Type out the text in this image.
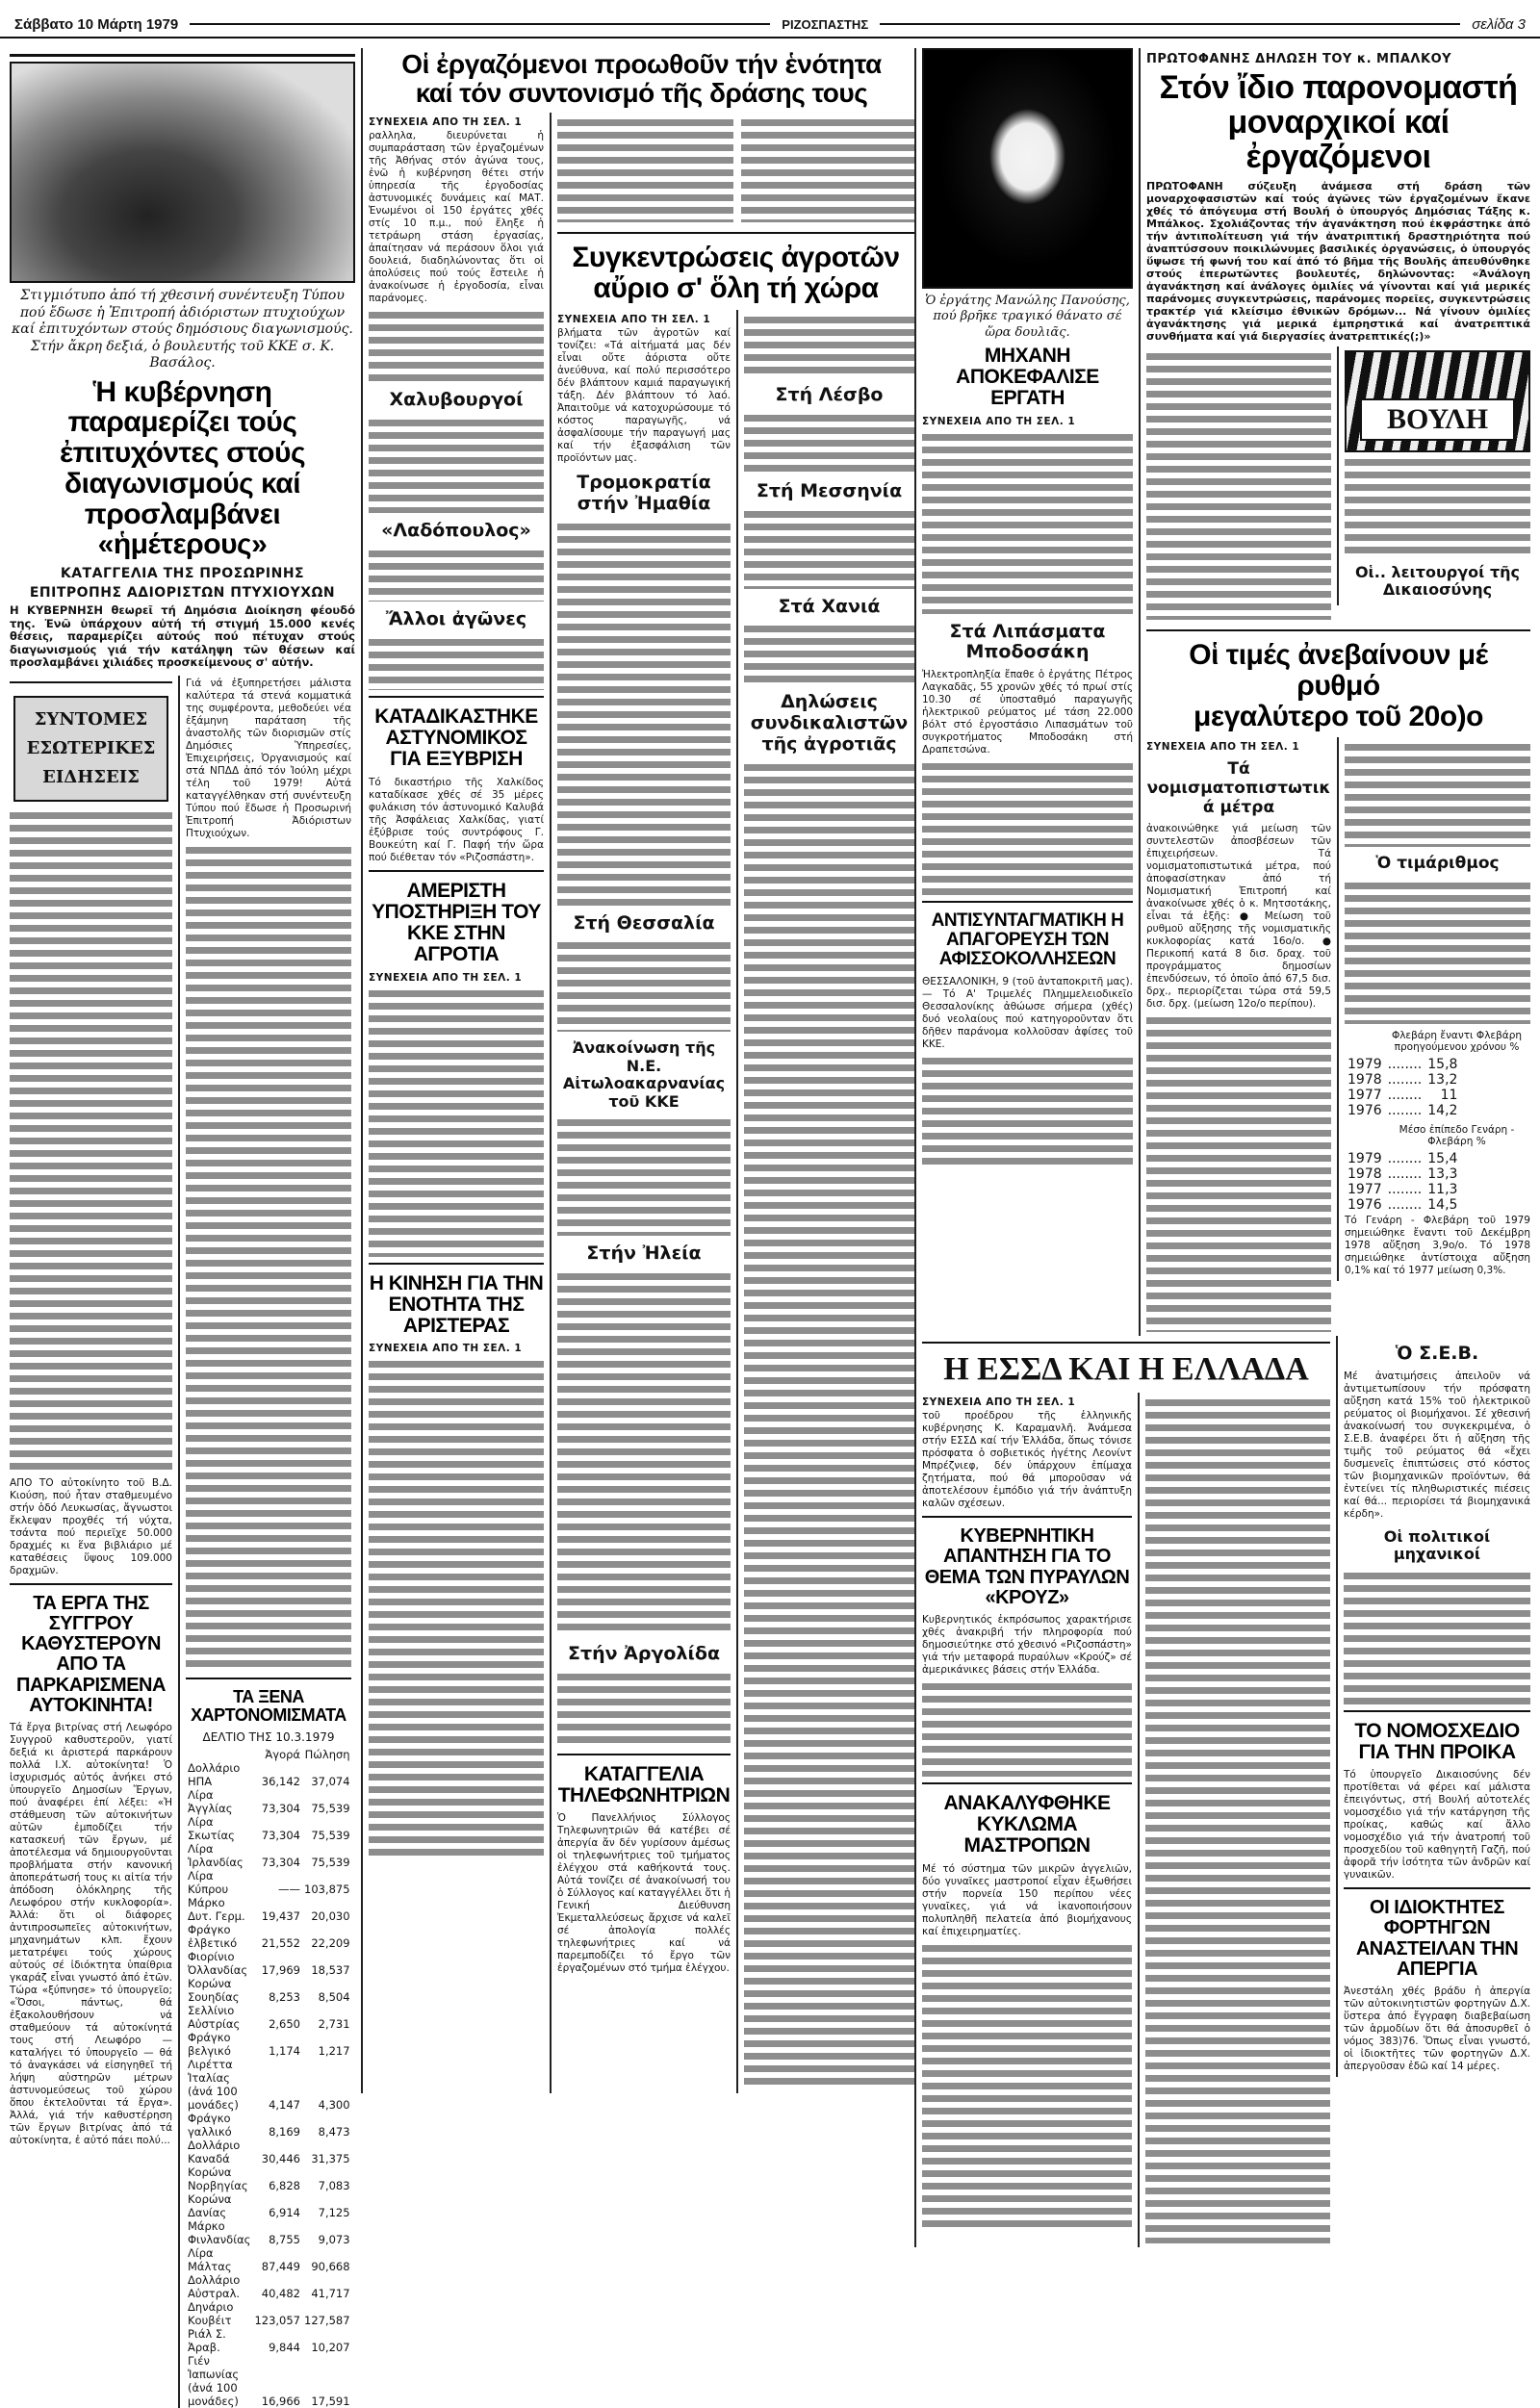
Σάββατο 10 Μάρτη 1979	ΡΙΖΟΣΠΑΣΤΗΣ	σελίδα 3
Στιγμιότυπο ἀπό τή χθεσινή συνέντευξη Τύπου πού ἔδωσε ἡ Ἐπιτροπή ἀδιόριστων πτυχιούχων καί ἐπιτυχόντων στούς δημόσιους διαγωνισμούς. Στήν ἄκρη δεξιά, ὁ βουλευτής τοῦ ΚΚΕ σ. Κ. Βασάλος.
Ἡ κυβέρνηση παραμερίζει τούς ἐπιτυχόντες στούς διαγωνισμούς καί προσλαμβάνει «ἡμέτερους»
ΚΑΤΑΓΓΕΛΙΑ ΤΗΣ ΠΡΟΣΩΡΙΝΗΣ
ΕΠΙΤΡΟΠΗΣ ΑΔΙΟΡΙΣΤΩΝ ΠΤΥΧΙΟΥΧΩΝ
Η ΚΥΒΕΡΝΗΣΗ θεωρεῖ τή Δημόσια Διοίκηση φέουδό της. Ἐνῶ ὑπάρχουν αὐτή τή στιγμή 15.000 κενές θέσεις, παραμερίζει αὐτούς πού πέτυχαν στούς διαγωνισμούς γιά τήν κατάληψη τῶν θέσεων καί προσλαμβάνει χιλιάδες προσκείμενους σ' αὐτήν.
ΣΥΝΤΟΜΕΣ
ΕΣΩΤΕΡΙΚΕΣ
ΕΙΔΗΣΕΙΣ
ΑΠΟ ΤΟ αὐτοκίνητο τοῦ Β.Δ. Κιούση, πού ἦταν σταθμευμένο στήν ὁδό Λευκωσίας, ἄγνωστοι ἔκλεψαν προχθές τή νύχτα, τσάντα πού περιεῖχε 50.000 δραχμές κι ἕνα βιβλιάριο μέ καταθέσεις ὕψους 109.000 δραχμῶν.
ΤΑ ΕΡΓΑ ΤΗΣ ΣΥΓΓΡΟΥ ΚΑΘΥΣΤΕΡΟΥΝ ΑΠΟ ΤΑ ΠΑΡΚΑΡΙΣΜΕΝΑ ΑΥΤΟΚΙΝΗΤΑ!
Τά ἔργα βιτρίνας στή Λεωφόρο Συγγροῦ καθυστεροῦν, γιατί δεξιά κι ἀριστερά παρκάρουν πολλά Ι.Χ. αὐτοκίνητα! Ὁ ἰσχυρισμός αὐτός ἀνήκει στό ὑπουργεῖο Δημοσίων Ἔργων, πού ἀναφέρει ἐπί λέξει: «Ἡ στάθμευση τῶν αὐτοκινήτων αὐτῶν ἐμποδίζει τήν κατασκευή τῶν ἔργων, μέ ἀποτέλεσμα νά δημιουργοῦνται προβλήματα στήν κανονική ἀποπεράτωσή τους κι αἰτία τήν ἀπόδοση ὁλόκληρης τῆς Λεωφόρου στήν κυκλοφορία». Ἀλλά: ὅτι οἱ διάφορες ἀντιπροσωπεῖες αὐτοκινήτων, μηχανημάτων κλπ. ἔχουν μετατρέψει τούς χώρους αὐτούς σέ ἰδιόκτητα ὑπαίθρια γκαράζ εἶναι γνωστό ἀπό ἐτῶν. Τώρα «ξύπνησε» τό ὑπουργεῖο; «Ὅσοι, πάντως, θά ἐξακολουθήσουν νά σταθμεύουν τά αὐτοκίνητά τους στή Λεωφόρο — καταλήγει τό ὑπουργεῖο — θά τό ἀναγκάσει νά εἰσηγηθεῖ τή λήψη αὐστηρῶν μέτρων ἀστυνομεύσεως τοῦ χώρου ὅπου ἐκτελοῦνται τά ἔργα». Ἀλλά, γιά τήν καθυστέρηση τῶν ἔργων βιτρίνας ἀπό τά αὐτοκίνητα, ἐ αὐτό πάει πολύ...
Γιά νά ἐξυπηρετήσει μάλιστα καλύτερα τά στενά κομματικά της συμφέροντα, μεθοδεύει νέα ἐξάμηνη παράταση τῆς ἀναστολῆς τῶν διορισμῶν στίς Δημόσιες Ὑπηρεσίες, Ἐπιχειρήσεις, Ὀργανισμούς καί στά ΝΠΔΔ ἀπό τόν Ἰούλη μέχρι τέλη τοῦ 1979! Αὐτά καταγγέλθηκαν στή συνέντευξη Τύπου πού ἔδωσε ἡ Προσωρινή Ἐπιτροπή Ἀδιόριστων Πτυχιούχων.
ΤΑ ΞΕΝΑ ΧΑΡΤΟΝΟΜΙΣΜΑΤΑ
ΔΕΛΤΙΟ ΤΗΣ 10.3.1979
	Ἀγορά	Πώληση
Δολλάριο ΗΠΑ	36,142	37,074
Λίρα Ἀγγλίας	73,304	75,539
Λίρα Σκωτίας	73,304	75,539
Λίρα Ἰρλανδίας	73,304	75,539
Λίρα Κύπρου	——	103,875
Μάρκο Δυτ. Γερμ.	19,437	20,030
Φράγκο ἐλβετικό	21,552	22,209
Φιορίνιο Ὀλλανδίας	17,969	18,537
Κορώνα Σουηδίας	8,253	8,504
Σελλίνιο Αὐστρίας	2,650	2,731
Φράγκο βελγικό	1,174	1,217
Λιρέττα Ἰταλίας (ἀνά 100 μονάδες)	4,147	4,300
Φράγκο γαλλικό	8,169	8,473
Δολλάριο Καναδά	30,446	31,375
Κορώνα Νορβηγίας	6,828	7,083
Κορώνα Δανίας	6,914	7,125
Μάρκο Φινλανδίας	8,755	9,073
Λίρα Μάλτας	87,449	90,668
Δολλάριο Αὐστραλ.	40,482	41,717
Δηνάριο Κουβέιτ	123,057	127,587
Ριάλ Σ. Ἀραβ.	9,844	10,207
Γιέν Ἰαπωνίας (ἀνά 100 μονάδες)	16,966	17,591
Οἱ ἐργαζόμενοι προωθοῦν τήν ἑνότητα
καί τόν συντονισμό τῆς δράσης τους
ΣΥΝΕΧΕΙΑ ΑΠΟ ΤΗ ΣΕΛ. 1
ραλληλα, διευρύνεται ἡ συμπαράσταση τῶν ἐργαζομένων τῆς Ἀθήνας στόν ἀγώνα τους, ἐνῶ ἡ κυβέρνηση θέτει στήν ὑπηρεσία τῆς ἐργοδοσίας ἀστυνομικές δυνάμεις καί ΜΑΤ. Ἑνωμένοι οἱ 150 ἐργάτες χθές στίς 10 π.μ., πού ἔληξε ἡ τετράωρη στάση ἐργασίας, ἀπαίτησαν νά περάσουν ὅλοι γιά δουλειά, διαδηλώνοντας ὅτι οἱ ἀπολύσεις πού τούς ἔστειλε ἡ ἀνακοίνωσε ἡ ἐργοδοσία, εἶναι παράνομες.
Χαλυβουργοί
«Λαδόπουλος»
Ἄλλοι ἀγῶνες
ΚΑΤΑΔΙΚΑΣΤΗΚΕ ΑΣΤΥΝΟΜΙΚΟΣ ΓΙΑ ΕΞΥΒΡΙΣΗ
Τό δικαστήριο τῆς Χαλκίδος καταδίκασε χθές σέ 35 μέρες φυλάκιση τόν ἀστυνομικό Καλυβά τῆς Ἀσφάλειας Χαλκίδας, γιατί ἐξύβρισε τούς συντρόφους Γ. Βουκεύτη καί Γ. Παφή τήν ὥρα πού διέθεταν τόν «Ριζοσπάστη».
ΑΜΕΡΙΣΤΗ ΥΠΟΣΤΗΡΙΞΗ ΤΟΥ ΚΚΕ ΣΤΗΝ ΑΓΡΟΤΙΑ
ΣΥΝΕΧΕΙΑ ΑΠΟ ΤΗ ΣΕΛ. 1
Η ΚΙΝΗΣΗ ΓΙΑ ΤΗΝ ΕΝΟΤΗΤΑ ΤΗΣ ΑΡΙΣΤΕΡΑΣ
ΣΥΝΕΧΕΙΑ ΑΠΟ ΤΗ ΣΕΛ. 1
Συγκεντρώσεις ἀγροτῶν
αὔριο σ' ὅλη τή χώρα
ΣΥΝΕΧΕΙΑ ΑΠΟ ΤΗ ΣΕΛ. 1
βλήματα τῶν ἀγροτῶν καί τονίζει: «Τά αἰτήματά μας δέν εἶναι οὔτε ἀόριστα οὔτε ἀνεύθυνα, καί πολύ περισσότερο δέν βλάπτουν καμιά παραγωγική τάξη. Δέν βλάπτουν τό λαό. Ἀπαιτοῦμε νά κατοχυρώσουμε τό κόστος παραγωγῆς, νά ἀσφαλίσουμε τήν παραγωγή μας καί τήν ἐξασφάλιση τῶν προϊόντων μας.
Τρομοκρατία στήν Ἠμαθία
Στή Θεσσαλία
Ἀνακοίνωση τῆς Ν.Ε. Αἰτωλοακαρνανίας τοῦ ΚΚΕ
Στήν Ἠλεία
Στήν Ἀργολίδα
ΚΑΤΑΓΓΕΛΙΑ ΤΗΛΕΦΩΝΗΤΡΙΩΝ
Ὁ Πανελλήνιος Σύλλογος Τηλεφωνητριῶν θά κατέβει σέ ἀπεργία ἄν δέν γυρίσουν ἀμέσως οἱ τηλεφωνήτριες τοῦ τμήματος ἐλέγχου στά καθήκοντά τους. Αὐτά τονίζει σέ ἀνακοίνωσή του ὁ Σύλλογος καί καταγγέλλει ὅτι ἡ Γενική Διεύθυνση Ἐκμεταλλεύσεως ἄρχισε νά καλεῖ σέ ἀπολογία πολλές τηλεφωνήτριες καί νά παρεμποδίζει τό ἔργο τῶν ἐργαζομένων στό τμήμα ἐλέγχου.
Στή Λέσβο
Στή Μεσσηνία
Στά Χανιά
Δηλώσεις συνδικαλιστῶν τῆς ἀγροτιᾶς
Ὁ ἐργάτης Μανώλης Πανούσης, πού βρῆκε τραγικό θάνατο σέ ὥρα δουλιᾶς.
ΜΗΧΑΝΗ ΑΠΟΚΕΦΑΛΙΣΕ ΕΡΓΑΤΗ
ΣΥΝΕΧΕΙΑ ΑΠΟ ΤΗ ΣΕΛ. 1
Στά Λιπάσματα Μποδοσάκη
Ἠλεκτροπληξία ἔπαθε ὁ ἐργάτης Πέτρος Λαγκαδᾶς, 55 χρονῶν χθές τό πρωί στίς 10.30 σέ ὑποσταθμό παραγωγῆς ἠλεκτρικοῦ ρεύματος μέ τάση 22.000 βόλτ στό ἐργοστάσιο Λιπασμάτων τοῦ συγκροτήματος Μποδοσάκη στή Δραπετσώνα.
ΑΝΤΙΣΥΝΤΑΓΜΑΤΙΚΗ Η ΑΠΑΓΟΡΕΥΣΗ ΤΩΝ ΑΦΙΣΣΟΚΟΛΛΗΣΕΩΝ
ΘΕΣΣΑΛΟΝΙΚΗ, 9 (τοῦ ἀνταποκριτῆ μας). — Τό Α' Τριμελές Πλημμελειοδικεῖο Θεσσαλονίκης ἀθώωσε σήμερα (χθές) δυό νεολαίους πού κατηγοροῦνταν ὅτι δῆθεν παράνομα κολλοῦσαν ἀφίσες τοῦ ΚΚΕ.
ΠΡΩΤΟΦΑΝΗΣ ΔΗΛΩΣΗ ΤΟΥ κ. ΜΠΑΛΚΟΥ
Στόν ἴδιο παρονομαστή
μοναρχικοί καί ἐργαζόμενοι
ΠΡΩΤΟΦΑΝΗ σύζευξη ἀνάμεσα στή δράση τῶν μοναρχοφασιστῶν καί τούς ἀγῶνες τῶν ἐργαζομένων ἔκανε χθές τό ἀπόγευμα στή Βουλή ὁ ὑπουργός Δημόσιας Τάξης κ. Μπάλκος. Σχολιάζοντας τήν ἀγανάκτηση πού ἐκφράστηκε ἀπό τήν ἀντιπολίτευση γιά τήν ἀνατριπτική δραστηριότητα πού ἀναπτύσσουν ποικιλώνυμες βασιλικές ὀργανώσεις, ὁ ὑπουργός ὕψωσε τή φωνή του καί ἀπό τό βῆμα τῆς Βουλῆς ἀπευθύνθηκε στούς ἐπερωτῶντες βουλευτές, δηλώνοντας: «Ἀνάλογη ἀγανάκτηση καί ἀνάλογες ὁμιλίες νά γίνονται καί γιά μερικές παράνομες συγκεντρώσεις, παράνομες πορεῖες, συγκεντρώσεις τρακτέρ γιά κλείσιμο ἐθνικῶν δρόμων... Νά γίνουν ὁμιλίες ἀγανάκτησης γιά μερικά ἐμπρηστικά καί ἀνατρεπτικά συνθήματα καί γιά διεργασίες ἀνατρεπτικές(;)»
ΒΟΥΛΗ
Οἱ.. λειτουργοί τῆς Δικαιοσύνης
Οἱ τιμές ἀνεβαίνουν μέ ρυθμό
μεγαλύτερο τοῦ 20ο)ο
ΣΥΝΕΧΕΙΑ ΑΠΟ ΤΗ ΣΕΛ. 1
Τά νομισματοπιστωτικά μέτρα
ἀνακοινώθηκε γιά μείωση τῶν συντελεστῶν ἀποσβέσεων τῶν ἐπιχειρήσεων. Τά νομισματοπιστωτικά μέτρα, πού ἀποφασίστηκαν ἀπό τή Νομισματική Ἐπιτροπή καί ἀνακοίνωσε χθές ὁ κ. Μητσοτάκης, εἶναι τά ἑξῆς: ● Μείωση τοῦ ρυθμοῦ αὔξησης τῆς νομισματικῆς κυκλοφορίας κατά 16ο/ο. ● Περικοπή κατά 8 δισ. δραχ. τοῦ προγράμματος δημοσίων ἐπενδύσεων, τό ὁποῖο ἀπό 67,5 δισ. δρχ., περιορίζεται τώρα στά 59,5 δισ. δρχ. (μείωση 12ο/ο περίπου).
Ὁ τιμάριθμος
Φλεβάρη ἔναντι Φλεβάρη προηγούμενου χρόνου %
1979	........	15,8
1978	........	13,2
1977	........	11
1976	........	14,2
Μέσο ἐπίπεδο Γενάρη - Φλεβάρη %
1979	........	15,4
1978	........	13,3
1977	........	11,3
1976	........	14,5
Τό Γενάρη - Φλεβάρη τοῦ 1979 σημειώθηκε ἔναντι τοῦ Δεκέμβρη 1978 αὔξηση 3,9ο/ο. Τό 1978 σημειώθηκε ἀντίστοιχα αὔξηση 0,1% καί τό 1977 μείωση 0,3%.
Η ΕΣΣΔ ΚΑΙ Η ΕΛΛΑΔΑ
ΣΥΝΕΧΕΙΑ ΑΠΟ ΤΗ ΣΕΛ. 1
τοῦ προέδρου τῆς ἑλληνικῆς κυβέρνησης Κ. Καραμανλῆ. Ἀνάμεσα στήν ΕΣΣΔ καί τήν Ἑλλάδα, ὅπως τόνισε πρόσφατα ὁ σοβιετικός ἡγέτης Λεονίντ Μπρέζνιεφ, δέν ὑπάρχουν ἐπίμαχα ζητήματα, πού θά μποροῦσαν νά ἀποτελέσουν ἐμπόδιο γιά τήν ἀνάπτυξη καλῶν σχέσεων.
ΚΥΒΕΡΝΗΤΙΚΗ ΑΠΑΝΤΗΣΗ ΓΙΑ ΤΟ ΘΕΜΑ ΤΩΝ ΠΥΡΑΥΛΩΝ «ΚΡΟΥΖ»
Κυβερνητικός ἐκπρόσωπος χαρακτήρισε χθές ἀνακριβή τήν πληροφορία πού δημοσιεύτηκε στό χθεσινό «Ριζοσπάστη» γιά τήν μεταφορά πυραύλων «Κρούζ» σέ ἀμερικάνικες βάσεις στήν Ἑλλάδα.
ΑΝΑΚΑΛΥΦΘΗΚΕ ΚΥΚΛΩΜΑ ΜΑΣΤΡΟΠΩΝ
Μέ τό σύστημα τῶν μικρῶν ἀγγελιῶν, δύο γυναῖκες μαστροποί εἶχαν ἐξωθήσει στήν πορνεία 150 περίπου νέες γυναῖκες, γιά νά ἱκανοποιήσουν πολυπληθῆ πελατεία ἀπό βιομήχανους καί ἐπιχειρηματίες.
Ὁ Σ.Ε.Β.
Μέ ἀνατιμήσεις ἀπειλοῦν νά ἀντιμετωπίσουν τήν πρόσφατη αὔξηση κατά 15% τοῦ ἠλεκτρικοῦ ρεύματος οἱ βιομήχανοι. Σέ χθεσινή ἀνακοίνωσή του συγκεκριμένα, ὁ Σ.Ε.Β. ἀναφέρει ὅτι ἡ αὔξηση τῆς τιμῆς τοῦ ρεύματος θά «ἔχει δυσμενεῖς ἐπιπτώσεις στό κόστος τῶν βιομηχανικῶν προϊόντων, θά ἐντείνει τίς πληθωριστικές πιέσεις καί θά... περιορίσει τά βιομηχανικά κέρδη».
Οἱ πολιτικοί μηχανικοί
ΤΟ ΝΟΜΟΣΧΕΔΙΟ ΓΙΑ ΤΗΝ ΠΡΟΙΚΑ
Τό ὑπουργεῖο Δικαιοσύνης δέν προτίθεται νά φέρει καί μάλιστα ἐπειγόντως, στή Βουλή αὐτοτελές νομοσχέδιο γιά τήν κατάργηση τῆς προίκας, καθώς καί ἄλλο νομοσχέδιο γιά τήν ἀνατροπή τοῦ προσχεδίου τοῦ καθηγητῆ Γαζῆ, πού ἀφορᾶ τήν ἰσότητα τῶν ἀνδρῶν καί γυναικῶν.
ΟΙ ΙΔΙΟΚΤΗΤΕΣ ΦΟΡΤΗΓΩΝ ΑΝΑΣΤΕΙΛΑΝ ΤΗΝ ΑΠΕΡΓΙΑ
Ἀνεστάλη χθές βράδυ ἡ ἀπεργία τῶν αὐτοκινητιστῶν φορτηγῶν Δ.Χ. ὕστερα ἀπό ἔγγραφη διαβεβαίωση τῶν ἁρμοδίων ὅτι θά ἀποσυρθεῖ ὁ νόμος 383)76. Ὅπως εἶναι γνωστό, οἱ ἰδιοκτῆτες τῶν φορτηγῶν Δ.Χ. ἀπεργοῦσαν ἐδῶ καί 14 μέρες.
